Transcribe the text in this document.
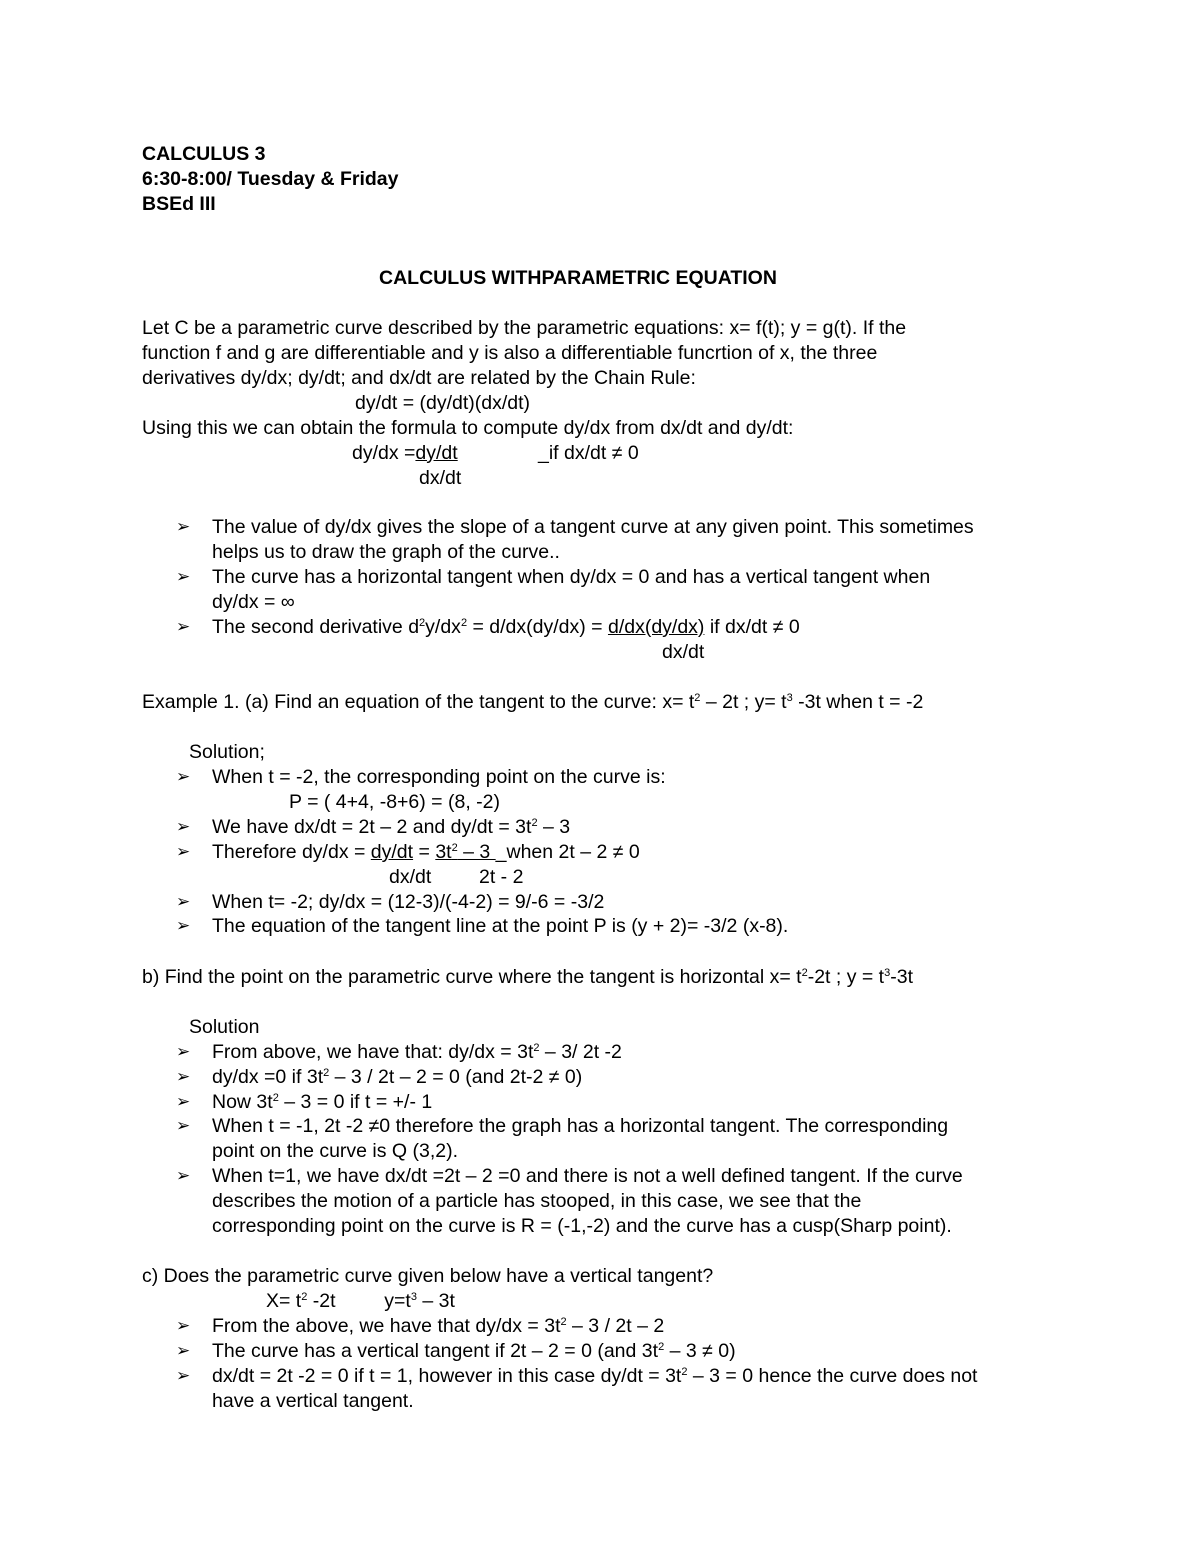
CALCULUS 3
6:30-8:00/ Tuesday & Friday
BSEd III
CALCULUS WITHPARAMETRIC EQUATION
Let C be a parametric curve described by the parametric equations: x= f(t); y = g(t). If the
function f and g are differentiable and y is also a differentiable funcrtion of x, the three
derivatives dy/dx; dy/dt; and dx/dt are related by the Chain Rule:
dy/dt = (dy/dt)(dx/dt)
Using this we can obtain the formula to compute dy/dx from dx/dt and dy/dt:
dy/dx =dy/dt	_if dx/dt ≠ 0
dx/dt
➢ The value of dy/dx gives the slope of a tangent curve at any given point. This sometimes
helps us to draw the graph of the curve..
➢ The curve has a horizontal tangent when dy/dx = 0 and has a vertical tangent when
dy/dx = ∞
➢ The second derivative $d^2y/dx^2 = d/dx(dy/dx) = d/dx(dy/dx)$ if dx/dt ≠ 0
dx/dt
Example 1. (a) Find an equation of the tangent to the curve: $x= t^2 - 2t$ ; $y= t^3$ -3t when t = -2
Solution;
➢ When t = -2, the corresponding point on the curve is:
P = ( 4+4, -8+6) = (8, -2)
➢ We have dx/dt = 2t – 2 and $dy/dt = 3t^2 - 3$
➢ Therefore $dy/dx = dy/dt = 3t^2 - 3$ _when 2t – 2 ≠ 0
dx/dt 2t - 2
➢ When t= -2; dy/dx = (12-3)/(-4-2) = 9/-6 = -3/2
➢ The equation of the tangent line at the point P is (y + 2)= -3/2 (x-8).
b) Find the point on the parametric curve where the tangent is horizontal $x= t^2-2t$ ; $y = t^3-3t$
Solution
➢ From above, we have that: $dy/dx = 3t^2 - 3/$ 2t -2
➢ dy/dx =0 if $3t^2 - 3 / 2t - 2 = 0$ (and 2t-2 ≠ 0)
➢ Now $3t^2 - 3 = 0$ if t = +/- 1
➢ When t = -1, 2t -2 ≠0 therefore the graph has a horizontal tangent. The corresponding
point on the curve is Q (3,2).
➢ When t=1, we have dx/dt =2t – 2 =0 and there is not a well defined tangent. If the curve
describes the motion of a particle has stooped, in this case, we see that the
corresponding point on the curve is R = (-1,-2) and the curve has a cusp(Sharp point).
c) Does the parametric curve given below have a vertical tangent?
$X= t^2$ -2t         $y=t^3 - 3t$
➢ From the above, we have that $dy/dx = 3t^2 - 3 / 2t - 2$
➢ The curve has a vertical tangent if 2t – 2 = 0 (and $3t^2 - 3 \ne 0$)
➢ dx/dt = 2t -2 = 0 if t = 1, however in this case $dy/dt = 3t^2 - 3 = 0$ hence the curve does not
have a vertical tangent.
